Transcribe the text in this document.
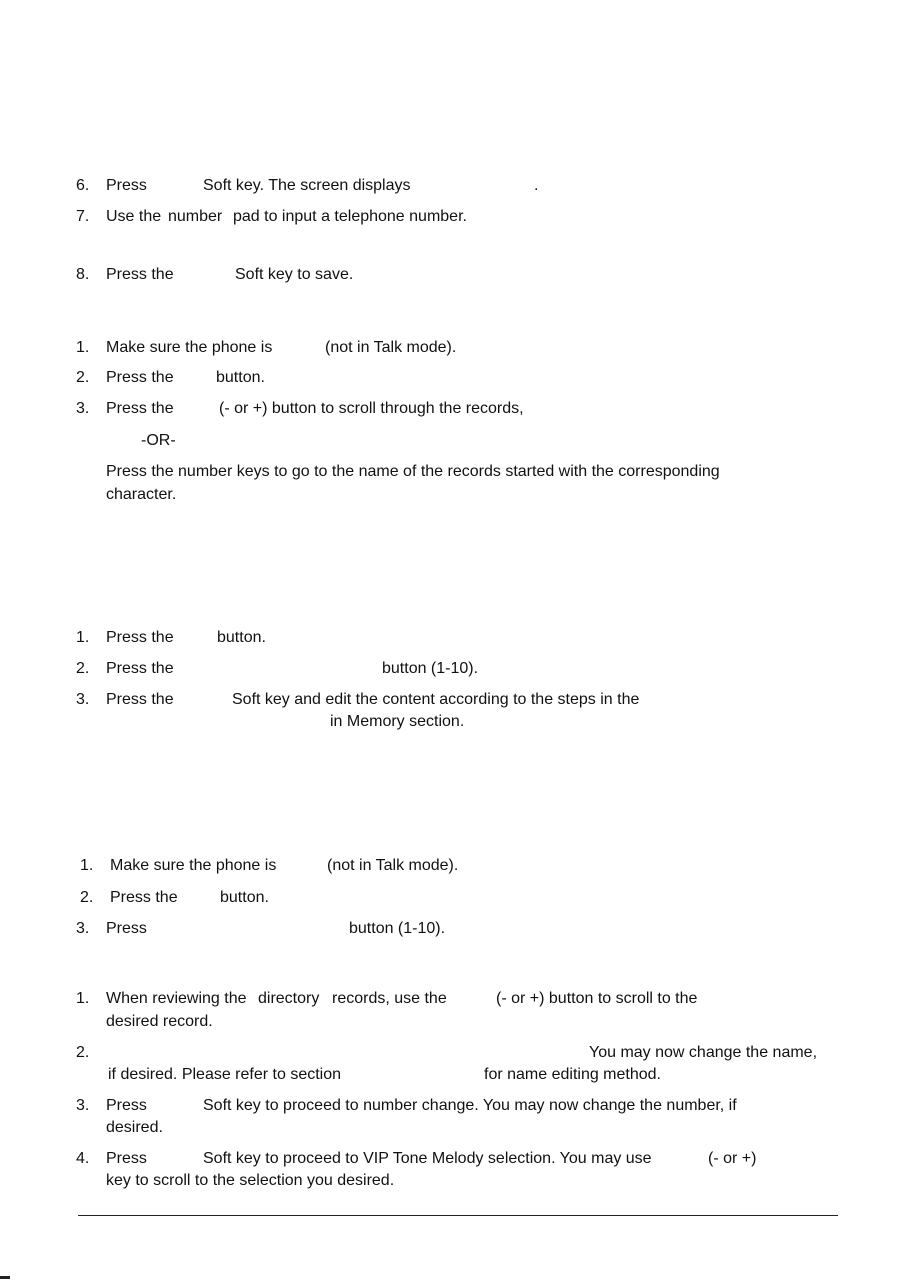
6. Press	Soft key. The screen displays	.
7. Use the number pad to input a telephone number.
8. Press the	Soft key to save.
1. Make sure the phone is	(not in Talk mode).
2. Press the	button.
3. Press the	(- or +) button to scroll through the records,
-OR-
Press the number keys to go to the name of the records started with the corresponding
character.
1. Press the	button.
2. Press the	button (1-10).
3. Press the	Soft key and edit the content according to the steps in the
in Memory section.
1. Make sure the phone is	(not in Talk mode).
2. Press the	button.
3. Press	button (1-10).
1. When reviewing the directory records, use the	(- or +) button to scroll to the
desired record.
2.	You may now change the name,
if desired. Please refer to section	for name editing method.
3. Press	Soft key to proceed to number change. You may now change the number, if
desired.
4. Press	Soft key to proceed to VIP Tone Melody selection. You may use	(- or +)
key to scroll to the selection you desired.
